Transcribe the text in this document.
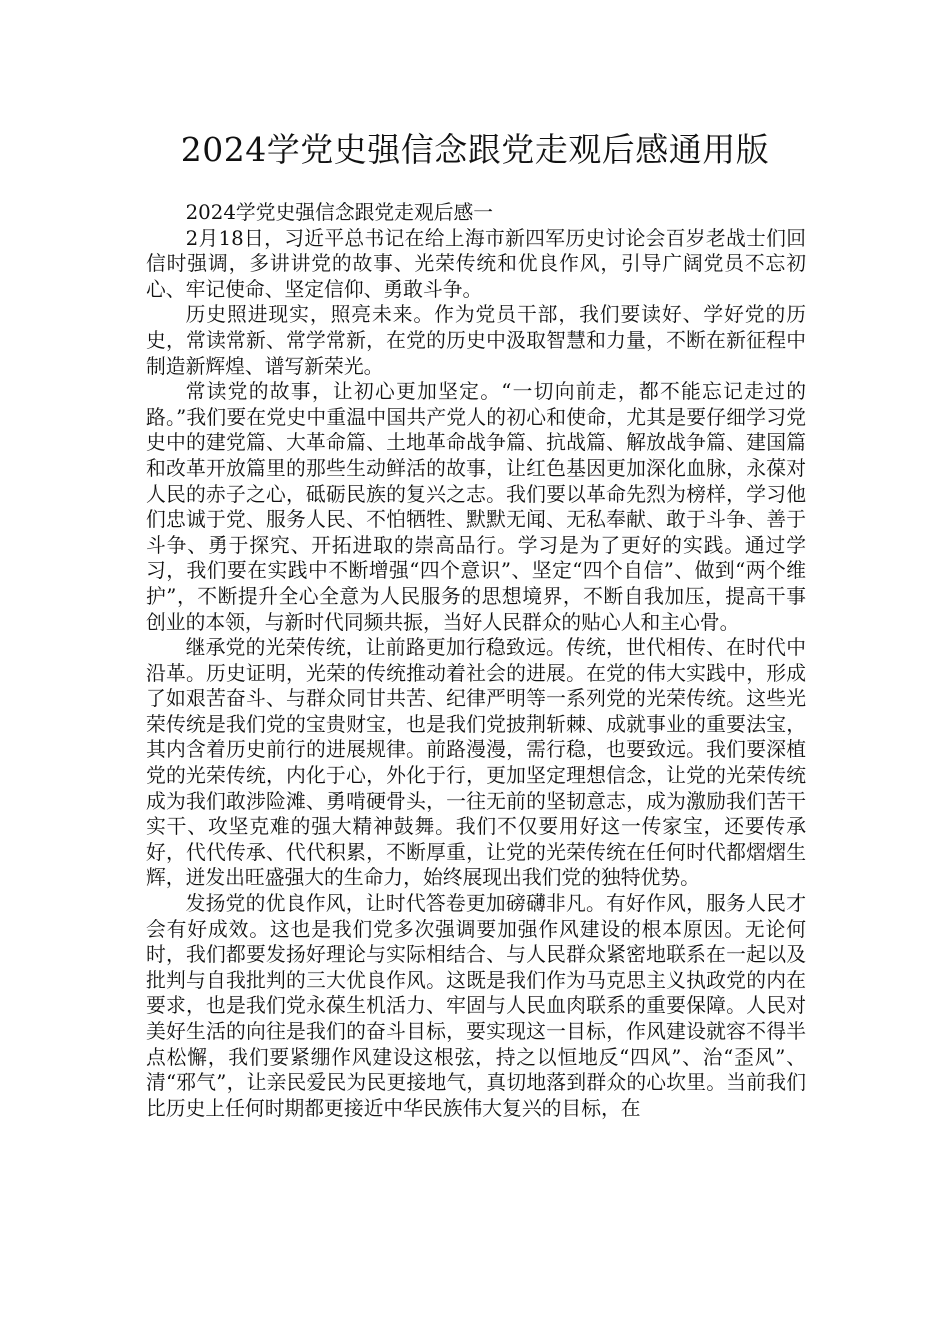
2024学党史强信念跟党走观后感通用版

2024学党史强信念跟党走观后感一

2月18日，习近平总书记在给上海市新四军历史讨论会百岁老战士们回信时强调，多讲讲党的故事、光荣传统和优良作风，引导广阔党员不忘初心、牢记使命、坚定信仰、勇敢斗争。

历史照进现实，照亮未来。作为党员干部，我们要读好、学好党的历史，常读常新、常学常新，在党的历史中汲取智慧和力量，不断在新征程中制造新辉煌、谱写新荣光。

常读党的故事，让初心更加坚定。“一切向前走，都不能忘记走过的路。”我们要在党史中重温中国共产党人的初心和使命，尤其是要仔细学习党史中的建党篇、大革命篇、土地革命战争篇、抗战篇、解放战争篇、建国篇和改革开放篇里的那些生动鲜活的故事，让红色基因更加深化血脉，永葆对人民的赤子之心，砥砺民族的复兴之志。我们要以革命先烈为榜样，学习他们忠诚于党、服务人民、不怕牺牲、默默无闻、无私奉献、敢于斗争、善于斗争、勇于探究、开拓进取的崇高品行。学习是为了更好的实践。通过学习，我们要在实践中不断增强“四个意识”、坚定“四个自信”、做到“两个维护”，不断提升全心全意为人民服务的思想境界，不断自我加压，提高干事创业的本领，与新时代同频共振，当好人民群众的贴心人和主心骨。

继承党的光荣传统，让前路更加行稳致远。传统，世代相传、在时代中沿革。历史证明，光荣的传统推动着社会的进展。在党的伟大实践中，形成了如艰苦奋斗、与群众同甘共苦、纪律严明等一系列党的光荣传统。这些光荣传统是我们党的宝贵财宝，也是我们党披荆斩棘、成就事业的重要法宝，其内含着历史前行的进展规律。前路漫漫，需行稳，也要致远。我们要深植党的光荣传统，内化于心，外化于行，更加坚定理想信念，让党的光荣传统成为我们敢涉险滩、勇啃硬骨头，一往无前的坚韧意志，成为激励我们苦干实干、攻坚克难的强大精神鼓舞。我们不仅要用好这一传家宝，还要传承好，代代传承、代代积累，不断厚重，让党的光荣传统在任何时代都熠熠生辉，迸发出旺盛强大的生命力，始终展现出我们党的独特优势。

发扬党的优良作风，让时代答卷更加磅礴非凡。有好作风，服务人民才会有好成效。这也是我们党多次强调要加强作风建设的根本原因。无论何时，我们都要发扬好理论与实际相结合、与人民群众紧密地联系在一起以及批判与自我批判的三大优良作风。这既是我们作为马克思主义执政党的内在要求，也是我们党永葆生机活力、牢固与人民血肉联系的重要保障。人民对美好生活的向往是我们的奋斗目标，要实现这一目标，作风建设就容不得半点松懈，我们要紧绷作风建设这根弦，持之以恒地反“四风”、治“歪风”、清“邪气”，让亲民爱民为民更接地气，真切地落到群众的心坎里。当前我们比历史上任何时期都更接近中华民族伟大复兴的目标，在
